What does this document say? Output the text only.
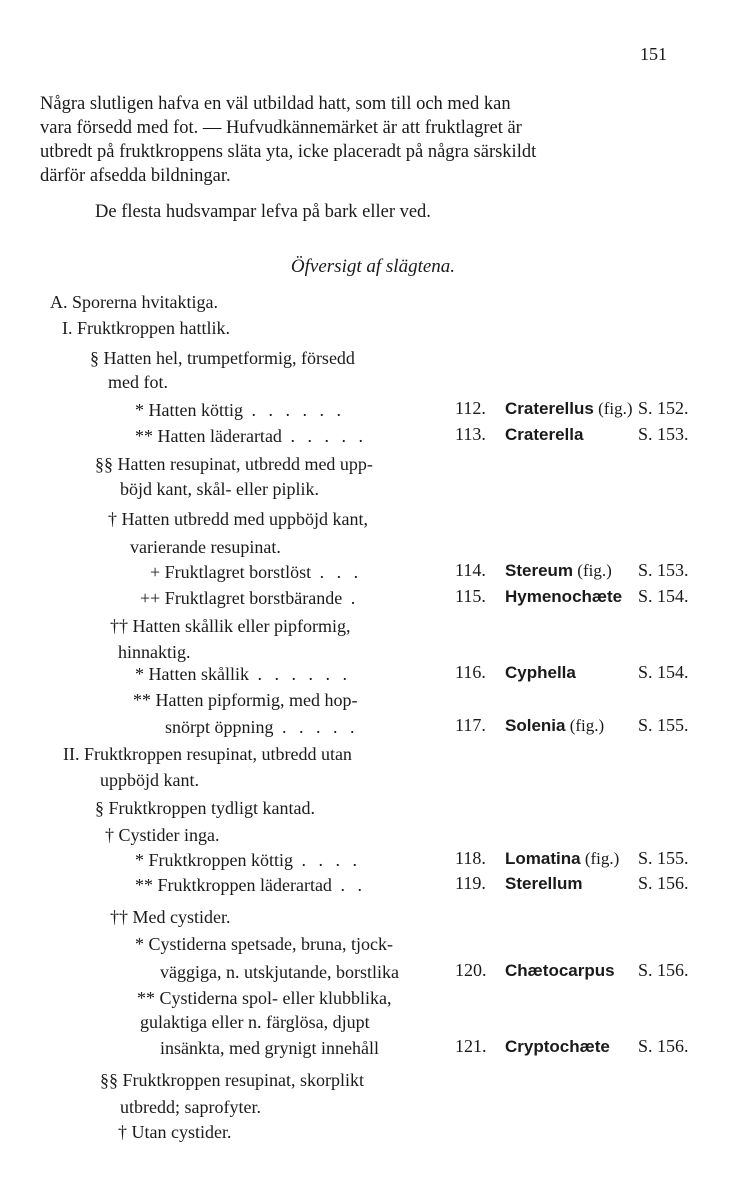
151

Några slutligen hafva en väl utbildad hatt, som till och med kan
vara försedd med fot. — Hufvudkännemärket är att fruktlagret är
utbredt på fruktkroppens släta yta, icke placeradt på några särskildt
därför afsedda bildningar.

De flesta hudsvampar lefva på bark eller ved.

Öfversigt af slägtena.
A. Sporerna hvitaktiga.
I. Fruktkroppen hattlik.
§ Hatten hel, trumpetformig, försedd
med fot.
* Hatten köttig . . . . . .	112. Craterellus (fig.) S. 152.
** Hatten läderartad . . . . .	113. Craterella	S. 153.
§§ Hatten resupinat, utbredd med upp-
böjd kant, skål- eller piplik.
† Hatten utbredd med uppböjd kant,
varierande resupinat.
+ Fruktlagret borstlöst . . .	114. Stereum (fig.) S. 153.
++ Fruktlagret borstbärande .	115. Hymenochæte S. 154.
†† Hatten skållik eller pipformig,
hinnaktig.
* Hatten skållik . . . . . .	116. Cyphella	S. 154.
** Hatten pipformig, med hop-
snörpt öppning . . . . .	117. Solenia (fig.) S. 155.
II. Fruktkroppen resupinat, utbredd utan
uppböjd kant.
§ Fruktkroppen tydligt kantad.
† Cystider inga.
* Fruktkroppen köttig . . . .	118. Lomatina (fig.) S. 155.
** Fruktkroppen läderartad . .	119. Sterellum	S. 156.
†† Med cystider.
* Cystiderna spetsade, bruna, tjock-
väggiga, n. utskjutande, borstlika	120. Chætocarpus S. 156.
** Cystiderna spol- eller klubblika,
gulaktiga eller n. färglösa, djupt
insänkta, med grynigt innehåll	121. Cryptochæte S. 156.
§§ Fruktkroppen resupinat, skorplikt
utbredd; saprofyter.
† Utan cystider.
